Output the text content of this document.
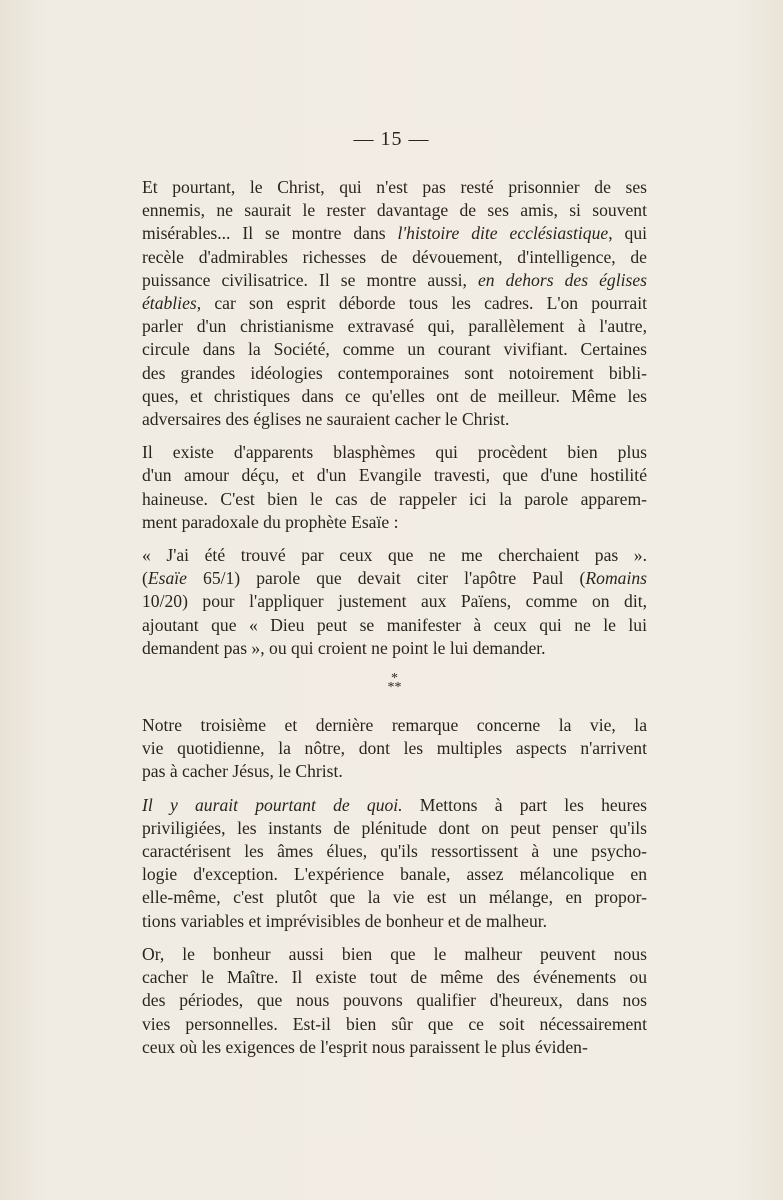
— 15 —
Et pourtant, le Christ, qui n'est pas resté prisonnier de ses
ennemis, ne saurait le rester davantage de ses amis, si souvent
misérables... Il se montre dans l'histoire dite ecclésiastique, qui
recèle d'admirables richesses de dévouement, d'intelligence, de
puissance civilisatrice. Il se montre aussi, en dehors des églises
établies, car son esprit déborde tous les cadres. L'on pourrait
parler d'un christianisme extravasé qui, parallèlement à l'autre,
circule dans la Société, comme un courant vivifiant. Certaines
des grandes idéologies contemporaines sont notoirement bibli-
ques, et christiques dans ce qu'elles ont de meilleur. Même les
adversaires des églises ne sauraient cacher le Christ.
Il existe d'apparents blasphèmes qui procèdent bien plus
d'un amour déçu, et d'un Evangile travesti, que d'une hostilité
haineuse. C'est bien le cas de rappeler ici la parole apparem-
ment paradoxale du prophète Esaïe :
« J'ai été trouvé par ceux que ne me cherchaient pas ».
(Esaïe 65/1) parole que devait citer l'apôtre Paul (Romains
10/20) pour l'appliquer justement aux Païens, comme on dit,
ajoutant que « Dieu peut se manifester à ceux qui ne le lui
demandent pas », ou qui croient ne point le lui demander.
*
**
Notre troisième et dernière remarque concerne la vie, la
vie quotidienne, la nôtre, dont les multiples aspects n'arrivent
pas à cacher Jésus, le Christ.
Il y aurait pourtant de quoi. Mettons à part les heures
priviligiées, les instants de plénitude dont on peut penser qu'ils
caractérisent les âmes élues, qu'ils ressortissent à une psycho-
logie d'exception. L'expérience banale, assez mélancolique en
elle-même, c'est plutôt que la vie est un mélange, en propor-
tions variables et imprévisibles de bonheur et de malheur.
Or, le bonheur aussi bien que le malheur peuvent nous
cacher le Maître. Il existe tout de même des événements ou
des périodes, que nous pouvons qualifier d'heureux, dans nos
vies personnelles. Est-il bien sûr que ce soit nécessairement
ceux où les exigences de l'esprit nous paraissent le plus éviden-
